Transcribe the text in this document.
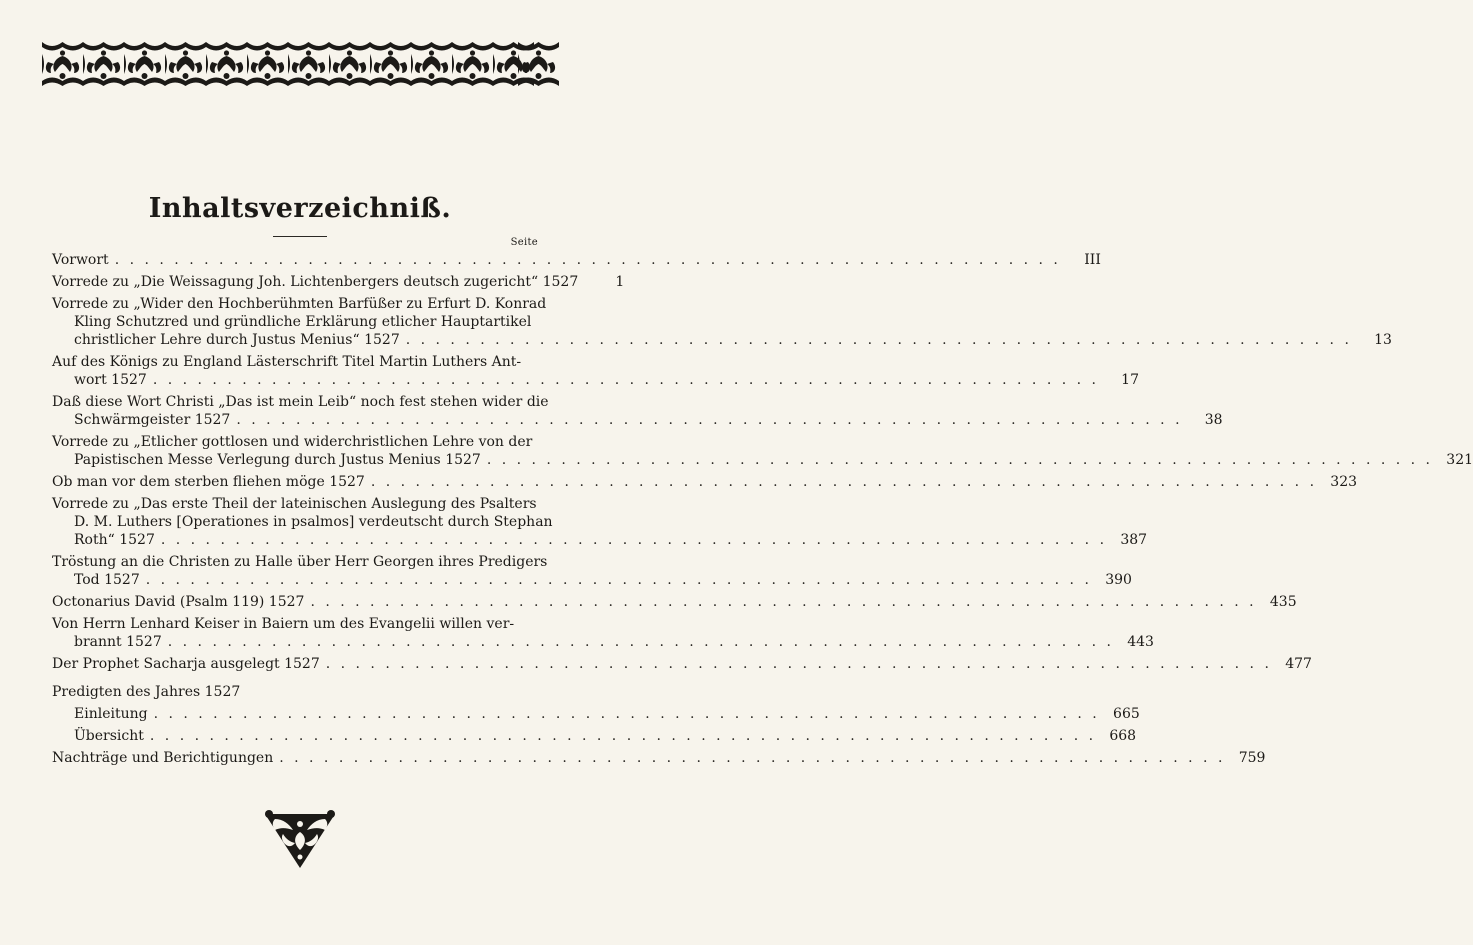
Inhaltsverzeichniß.
Seite
Vorwort . . .	III
Vorrede zu „Die Weissagung Joh. Lichtenbergers deutsch zugericht“ 1527	1
Vorrede zu „Wider den Hochberühmten Barfüßer zu Erfurt D. Konrad
Kling Schutzred und gründliche Erklärung etlicher Hauptartikel
christlicher Lehre durch Justus Menius“ 1527 . . .	13
Auf des Königs zu England Lästerschrift Titel Martin Luthers Ant-
wort 1527 . . .	17
Daß diese Wort Christi „Das ist mein Leib“ noch fest stehen wider die
Schwärmgeister 1527 . . .	38
Vorrede zu „Etlicher gottlosen und widerchristlichen Lehre von der
Papistischen Messe Verlegung durch Justus Menius 1527 . . .	321
Ob man vor dem sterben fliehen möge 1527 . . .	323
Vorrede zu „Das erste Theil der lateinischen Auslegung des Psalters
D. M. Luthers [Operationes in psalmos] verdeutscht durch Stephan
Roth“ 1527 . . .	387
Tröstung an die Christen zu Halle über Herr Georgen ihres Predigers
Tod 1527 . . .	390
Octonarius David (Psalm 119) 1527 . . .	435
Von Herrn Lenhard Keiser in Baiern um des Evangelii willen ver-
brannt 1527 . . .	443
Der Prophet Sacharja ausgelegt 1527 . . .	477
Predigten des Jahres 1527
Einleitung . . .	665
Übersicht . . .	668
Nachträge und Berichtigungen . . .	759
